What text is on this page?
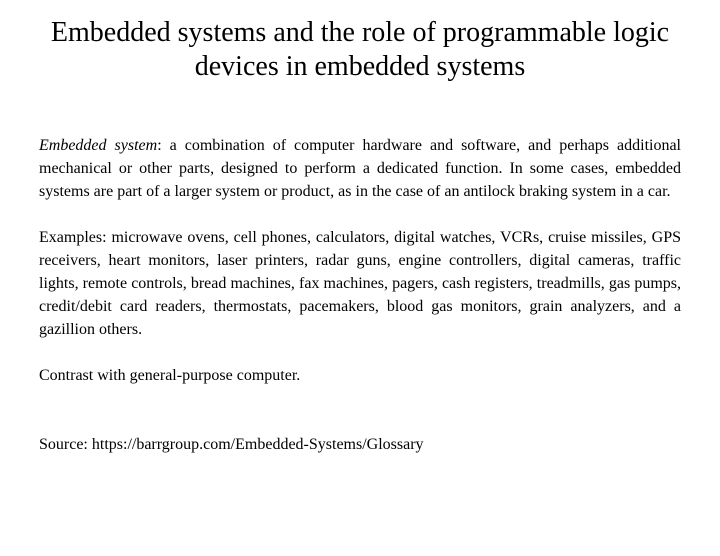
Embedded systems and the role of programmable logic devices in embedded systems

Embedded system: a combination of computer hardware and software, and perhaps additional mechanical or other parts, designed to perform a dedicated function. In some cases, embedded systems are part of a larger system or product, as in the case of an antilock braking system in a car.

Examples: microwave ovens, cell phones, calculators, digital watches, VCRs, cruise missiles, GPS receivers, heart monitors, laser printers, radar guns, engine controllers, digital cameras, traffic lights, remote controls, bread machines, fax machines, pagers, cash registers, treadmills, gas pumps, credit/debit card readers, thermostats, pacemakers, blood gas monitors, grain analyzers, and a gazillion others.

Contrast with general-purpose computer.

Source: https://barrgroup.com/Embedded-Systems/Glossary
